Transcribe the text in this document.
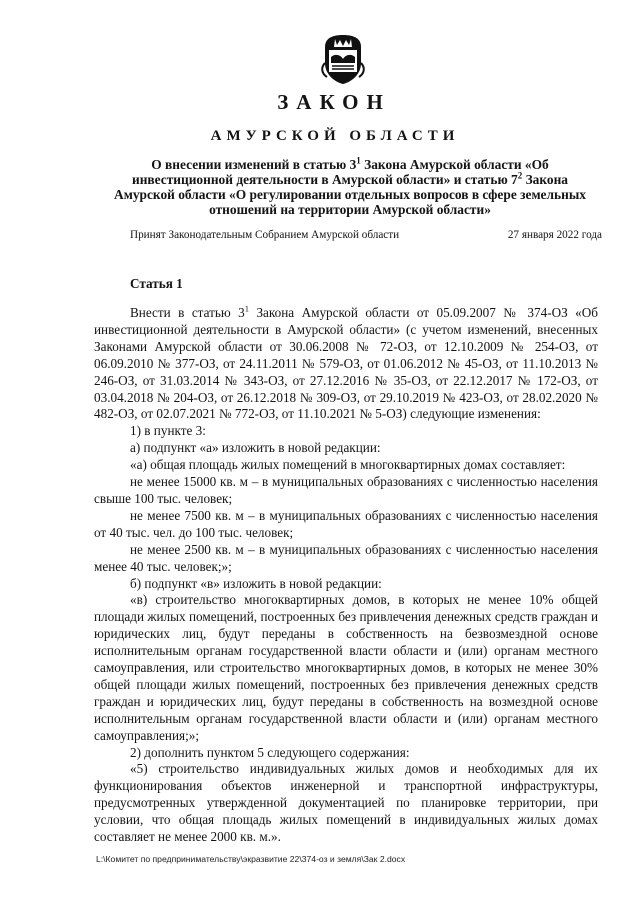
ЗАКОН
АМУРСКОЙ ОБЛАСТИ
О внесении изменений в статью $3^1$ Закона Амурской области «Об инвестиционной деятельности в Амурской области» и статью $7^2$ Закона Амурской области «О регулировании отдельных вопросов в сфере земельных отношений на территории Амурской области»
Принят Законодательным Собранием Амурской области	27 января 2022 года
Статья 1

Внести в статью $3^1$ Закона Амурской области от 05.09.2007 № 374-ОЗ «Об инвестиционной деятельности в Амурской области» (с учетом изменений, внесенных Законами Амурской области от 30.06.2008 № 72-ОЗ, от 12.10.2009 № 254-ОЗ, от 06.09.2010 № 377-ОЗ, от 24.11.2011 № 579-ОЗ, от 01.06.2012 № 45-ОЗ, от 11.10.2013 № 246-ОЗ, от 31.03.2014 № 343-ОЗ, от 27.12.2016 № 35-ОЗ, от 22.12.2017 № 172-ОЗ, от 03.04.2018 № 204-ОЗ, от 26.12.2018 № 309-ОЗ, от 29.10.2019 № 423-ОЗ, от 28.02.2020 № 482-ОЗ, от 02.07.2021 № 772-ОЗ, от 11.10.2021 № 5-ОЗ) следующие изменения:

1) в пункте 3:

а) подпункт «а» изложить в новой редакции:

«а) общая площадь жилых помещений в многоквартирных домах составляет:

не менее 15000 кв. м – в муниципальных образованиях с численностью населения свыше 100 тыс. человек;

не менее 7500 кв. м – в муниципальных образованиях с численностью населения от 40 тыс. чел. до 100 тыс. человек;

не менее 2500 кв. м – в муниципальных образованиях с численностью населения менее 40 тыс. человек;»;

б) подпункт «в» изложить в новой редакции:

«в) строительство многоквартирных домов, в которых не менее 10% общей площади жилых помещений, построенных без привлечения денежных средств граждан и юридических лиц, будут переданы в собственность на безвозмездной основе исполнительным органам государственной власти области и (или) органам местного самоуправления, или строительство многоквартирных домов, в которых не менее 30% общей площади жилых помещений, построенных без привлечения денежных средств граждан и юридических лиц, будут переданы в собственность на возмездной основе исполнительным органам государственной власти области и (или) органам местного самоуправления;»;

2) дополнить пунктом 5 следующего содержания:

«5) строительство индивидуальных жилых домов и необходимых для их функционирования объектов инженерной и транспортной инфраструктуры, предусмотренных утвержденной документацией по планировке территории, при условии, что общая площадь жилых помещений в индивидуальных жилых домах составляет не менее 2000 кв. м.».

L:\Комитет по предпринимательству\экразвитие 22\374-оз и земля\Зак 2.docx
